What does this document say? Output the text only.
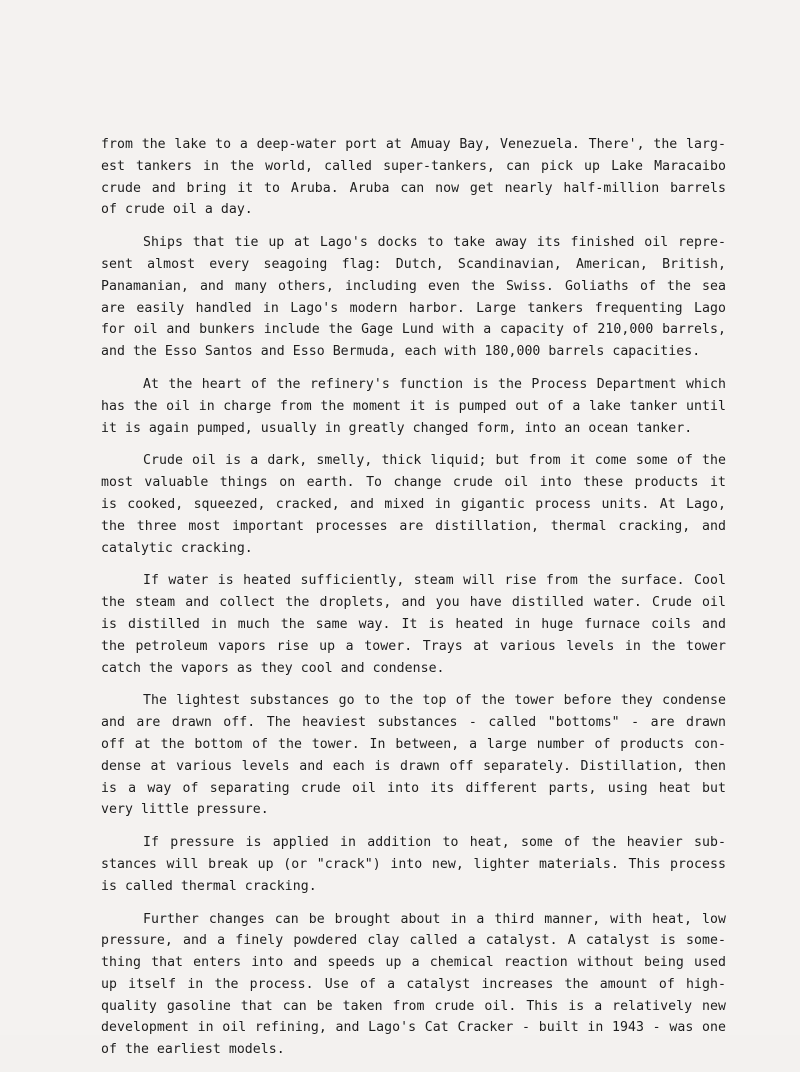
from the lake to a deep-water port at Amuay Bay, Venezuela. There', the larg-
est tankers in the world, called super-tankers, can pick up Lake Maracaibo
crude and bring it to Aruba. Aruba can now get nearly half-million barrels
of crude oil a day.
Ships that tie up at Lago's docks to take away its finished oil repre-
sent almost every seagoing flag: Dutch, Scandinavian, American, British,
Panamanian, and many others, including even the Swiss. Goliaths of the sea
are easily handled in Lago's modern harbor. Large tankers frequenting Lago
for oil and bunkers include the Gage Lund with a capacity of 210,000 barrels,
and the Esso Santos and Esso Bermuda, each with 180,000 barrels capacities.
At the heart of the refinery's function is the Process Department which
has the oil in charge from the moment it is pumped out of a lake tanker until
it is again pumped, usually in greatly changed form, into an ocean tanker.
Crude oil is a dark, smelly, thick liquid; but from it come some of the
most valuable things on earth. To change crude oil into these products it
is cooked, squeezed, cracked, and mixed in gigantic process units. At Lago,
the three most important processes are distillation, thermal cracking, and
catalytic cracking.
If water is heated sufficiently, steam will rise from the surface. Cool
the steam and collect the droplets, and you have distilled water. Crude oil
is distilled in much the same way. It is heated in huge furnace coils and
the petroleum vapors rise up a tower. Trays at various levels in the tower
catch the vapors as they cool and condense.
The lightest substances go to the top of the tower before they condense
and are drawn off. The heaviest substances - called "bottoms" - are drawn
off at the bottom of the tower. In between, a large number of products con-
dense at various levels and each is drawn off separately. Distillation, then
is a way of separating crude oil into its different parts, using heat but
very little pressure.
If pressure is applied in addition to heat, some of the heavier sub-
stances will break up (or "crack") into new, lighter materials. This process
is called thermal cracking.
Further changes can be brought about in a third manner, with heat, low
pressure, and a finely powdered clay called a catalyst. A catalyst is some-
thing that enters into and speeds up a chemical reaction without being used
up itself in the process. Use of a catalyst increases the amount of high-
quality gasoline that can be taken from crude oil. This is a relatively new
development in oil refining, and Lago's Cat Cracker - built in 1943 - was one
of the earliest models.
